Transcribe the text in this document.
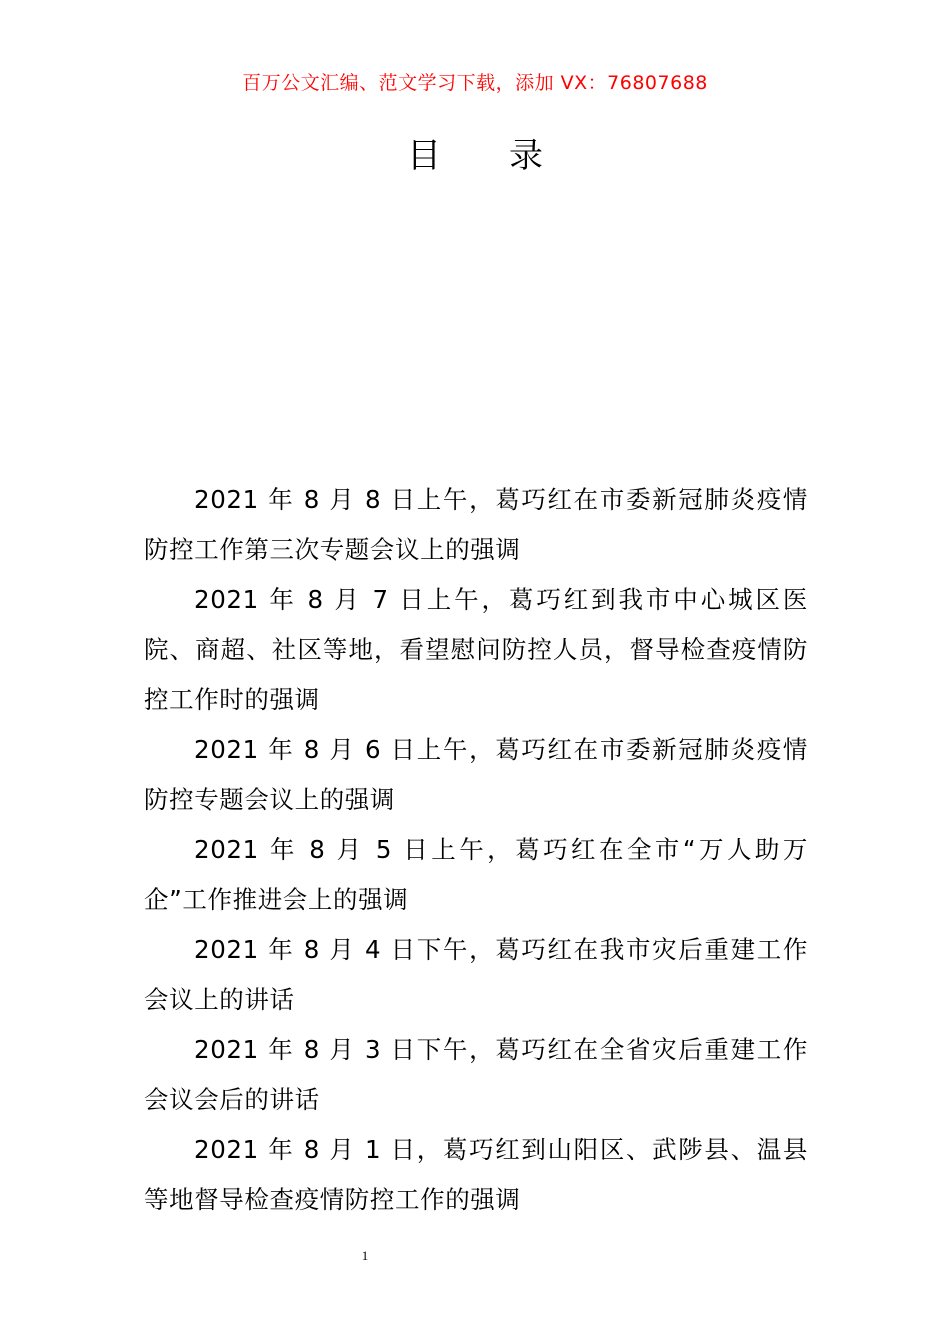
百万公文汇编、范文学习下载，添加 VX：76807688
目录
2021 年 8 月 8 日上午，葛巧红在市委新冠肺炎疫情防控工作第三次专题会议上的强调
2021 年 8 月 7 日上午，葛巧红到我市中心城区医院、商超、社区等地，看望慰问防控人员，督导检查疫情防控工作时的强调
2021 年 8 月 6 日上午，葛巧红在市委新冠肺炎疫情防控专题会议上的强调
2021 年 8 月 5 日上午，葛巧红在全市“万人助万企”工作推进会上的强调
2021 年 8 月 4 日下午，葛巧红在我市灾后重建工作会议上的讲话
2021 年 8 月 3 日下午，葛巧红在全省灾后重建工作会议会后的讲话
2021 年 8 月 1 日，葛巧红到山阳区、武陟县、温县等地督导检查疫情防控工作的强调
1
